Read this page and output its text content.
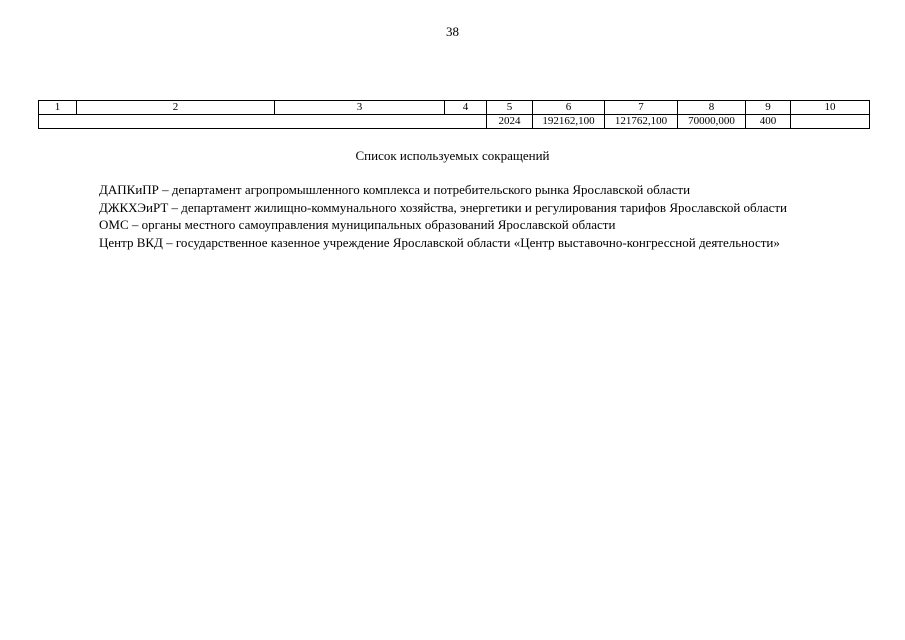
38
1	2	3	4	5	6	7	8	9	10
				2024	192162,100	121762,100	70000,000	400	
Список используемых сокращений

ДАПКиПР – департамент агропромышленного комплекса и потребительского рынка Ярославской области

ДЖКХЭиРТ – департамент жилищно-коммунального хозяйства, энергетики и регулирования тарифов Ярославской области

ОМС – органы местного самоуправления муниципальных образований Ярославской области

Центр ВКД – государственное казенное учреждение Ярославской области «Центр выставочно-конгрессной деятельности»
